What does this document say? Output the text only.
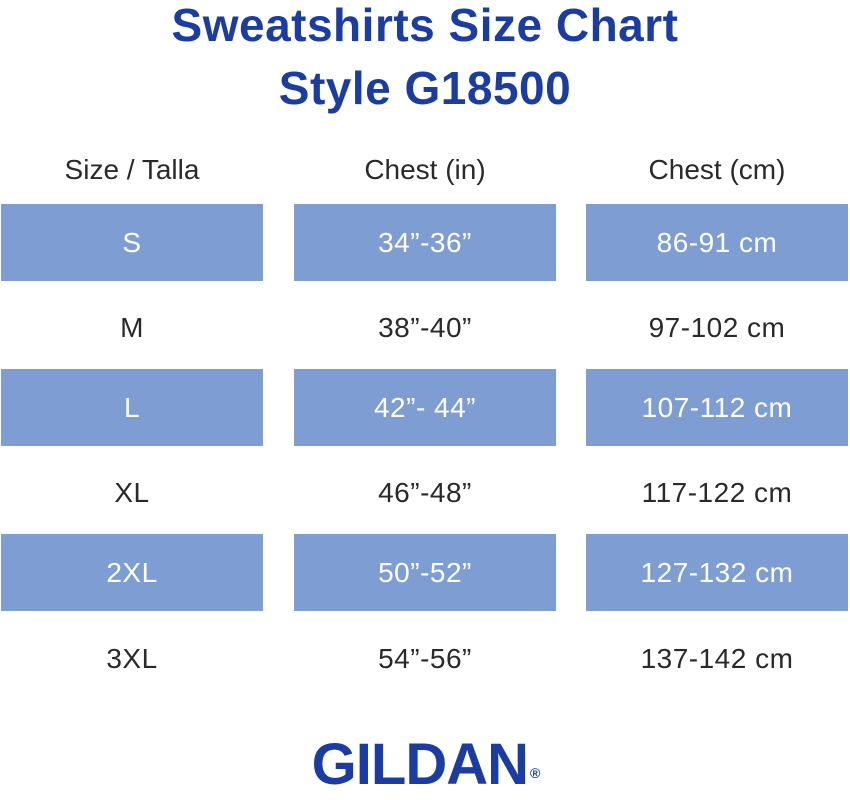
Sweatshirts Size Chart
Style G18500
Size / Talla	Chest (in)	Chest (cm)
S	34”-36”	86-91 cm
M	38”-40”	97-102 cm
L	42”- 44”	107-112 cm
XL	46”-48”	117-122 cm
2XL	50”-52”	127-132 cm
3XL	54”-56”	137-142 cm
GILDAN ®
